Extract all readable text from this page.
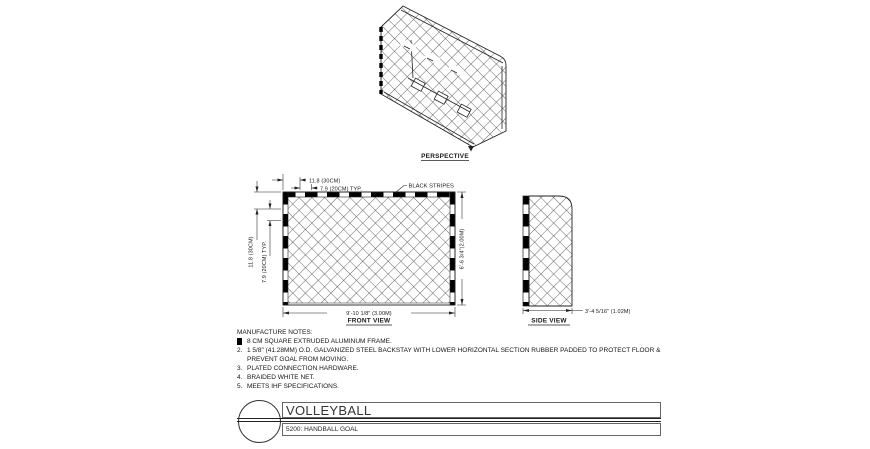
PERSPECTIVE
11.8 (30CM)
7.9 (20CM) TYP.
11.8 (30CM) 7.9 (20CM) TYP.	6'-6 3/4"(2.00M)
9'-10 1/8" (3.00M)
BLACK STRIPES
FRONT VIEW
3'-4 5/16" (1.02M)
SIDE VIEW
MANUFACTURE NOTES:
8 CM SQUARE EXTRUDED ALUMINUM FRAME.
2. 1 5/8" (41.28MM) O.D. GALVANIZED STEEL BACKSTAY WITH LOWER HORIZONTAL SECTION RUBBER PADDED TO PROTECT FLOOR & PREVENT GOAL FROM MOVING.
3. PLATED CONNECTION HARDWARE.
4. BRAIDED WHITE NET.
5. MEETS IHF SPECIFICATIONS.
VOLLEYBALL
5200: HANDBALL GOAL
